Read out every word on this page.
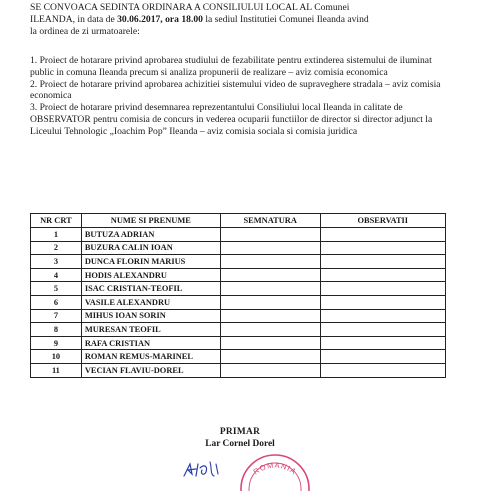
SE CONVOACA SEDINTA ORDINARA A CONSILIULUI LOCAL AL Comunei
ILEANDA, in data de 30.06.2017, ora 18.00 la sediul Institutiei Comunei Ileanda avind
la ordinea de zi urmatoarele:

1. Proiect de hotarare privind aprobarea studiului de fezabilitate pentru extinderea sistemului de iluminat public in comuna Ileanda precum si analiza propunerii de realizare – aviz comisia economica

2. Proiect de hotarare privind aprobarea achizitiei sistemului video de supraveghere stradala – aviz comisia economica

3. Proiect de hotarare privind desemnarea reprezentantului Consiliului local Ileanda in calitate de OBSERVATOR pentru comisia de concurs in vederea ocuparii functiilor de director si director adjunct la Liceului Tehnologic „Ioachim Pop” Ileanda – aviz comisia sociala si comisia juridica

NR CRT	NUME SI PRENUME	SEMNATURA	OBSERVATII
1	BUTUZA ADRIAN		
2	BUZURA CALIN IOAN		
3	DUNCA FLORIN MARIUS		
4	HODIS ALEXANDRU		
5	ISAC CRISTIAN-TEOFIL		
6	VASILE ALEXANDRU		
7	MIHUS IOAN SORIN		
8	MURESAN TEOFIL		
9	RAFA CRISTIAN		
10	ROMAN REMUS-MARINEL		
11	VECIAN FLAVIU-DOREL		
PRIMAR
Lar Cornel Dorel
ROMANIA
